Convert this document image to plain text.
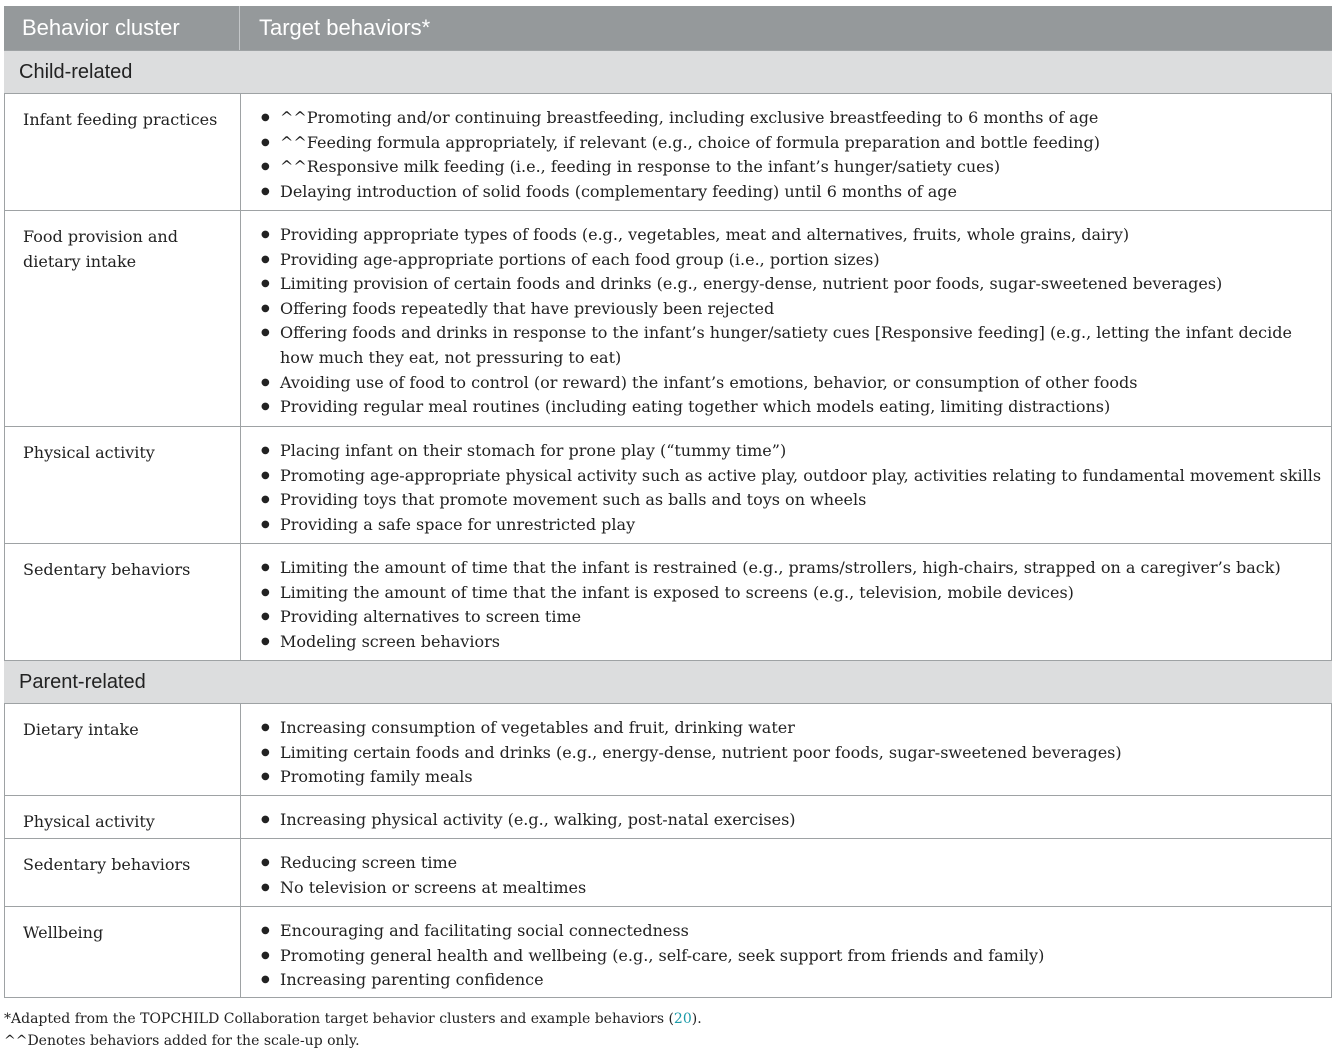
Behavior cluster	Target behaviors*
Child-related
Infant feeding practices	● ^^Promoting and/or continuing breastfeeding, including exclusive breastfeeding to 6 months of age
● ^^Feeding formula appropriately, if relevant (e.g., choice of formula preparation and bottle feeding)
● ^^Responsive milk feeding (i.e., feeding in response to the infant’s hunger/satiety cues)
● Delaying introduction of solid foods (complementary feeding) until 6 months of age
Food provision and dietary intake
● Providing appropriate types of foods (e.g., vegetables, meat and alternatives, fruits, whole grains, dairy)
● Providing age-appropriate portions of each food group (i.e., portion sizes)
● Limiting provision of certain foods and drinks (e.g., energy-dense, nutrient poor foods, sugar-sweetened beverages)
● Offering foods repeatedly that have previously been rejected
● Offering foods and drinks in response to the infant’s hunger/satiety cues [Responsive feeding] (e.g., letting the infant decide how much they eat, not pressuring to eat)
● Avoiding use of food to control (or reward) the infant’s emotions, behavior, or consumption of other foods
● Providing regular meal routines (including eating together which models eating, limiting distractions)
Physical activity	● Placing infant on their stomach for prone play (“tummy time”)
● Promoting age-appropriate physical activity such as active play, outdoor play, activities relating to fundamental movement skills
● Providing toys that promote movement such as balls and toys on wheels
● Providing a safe space for unrestricted play
Sedentary behaviors	● Limiting the amount of time that the infant is restrained (e.g., prams/strollers, high-chairs, strapped on a caregiver’s back)
● Limiting the amount of time that the infant is exposed to screens (e.g., television, mobile devices)
● Providing alternatives to screen time
● Modeling screen behaviors
Parent-related
Dietary intake	● Increasing consumption of vegetables and fruit, drinking water
● Limiting certain foods and drinks (e.g., energy-dense, nutrient poor foods, sugar-sweetened beverages)
● Promoting family meals
Physical activity	● Increasing physical activity (e.g., walking, post-natal exercises)
Sedentary behaviors	● Reducing screen time
● No television or screens at mealtimes
Wellbeing	● Encouraging and facilitating social connectedness
● Promoting general health and wellbeing (e.g., self-care, seek support from friends and family)
● Increasing parenting confidence
*Adapted from the TOPCHILD Collaboration target behavior clusters and example behaviors (20).
^^Denotes behaviors added for the scale-up only.
